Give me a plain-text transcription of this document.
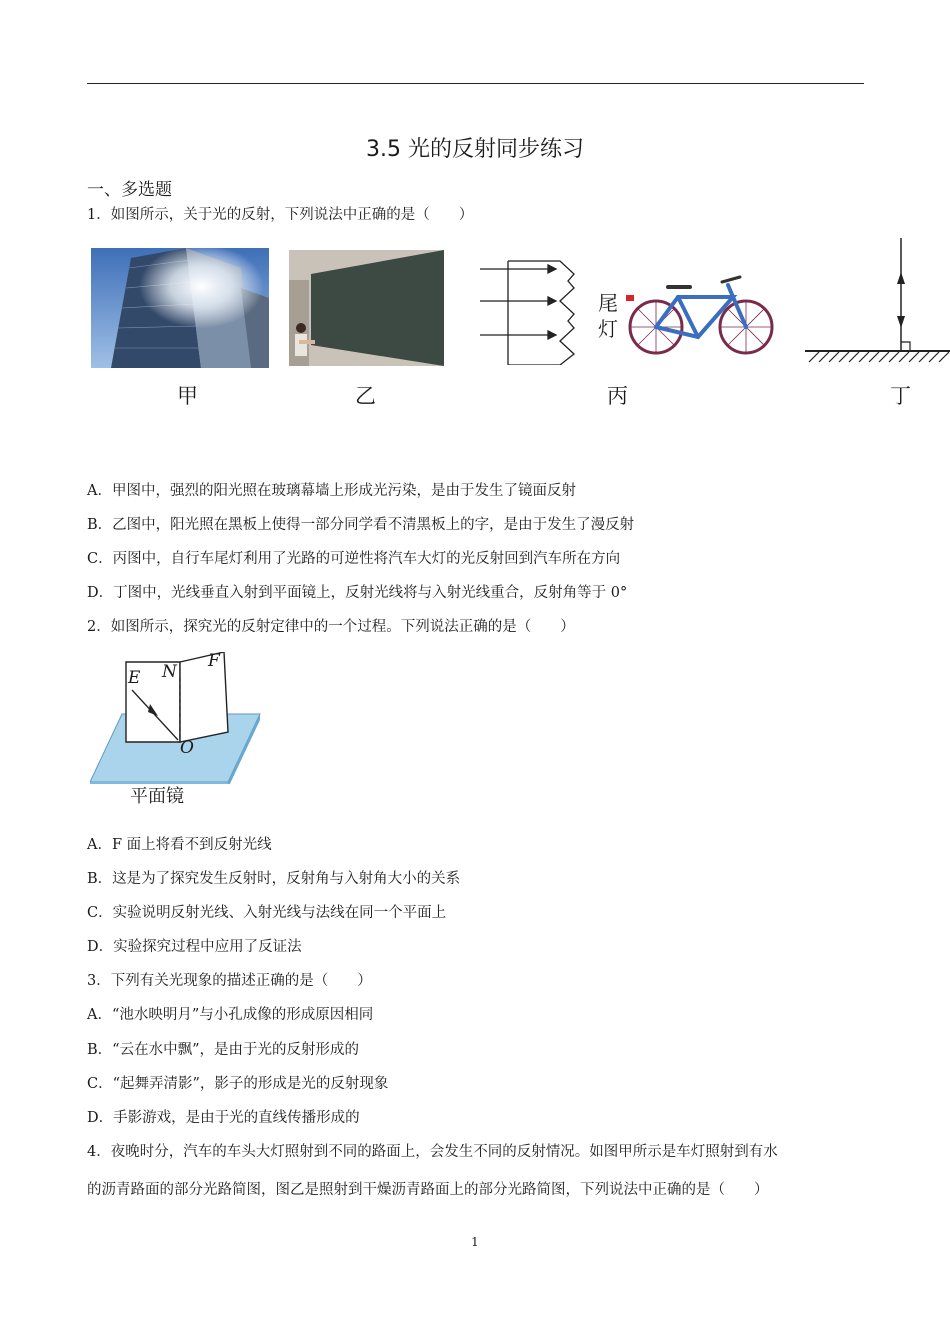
3.5 光的反射同步练习
一、多选题
1．如图所示，关于光的反射，下列说法中正确的是（　　）
甲	乙
尾
灯
丙	丁
A．甲图中，强烈的阳光照在玻璃幕墙上形成光污染，是由于发生了镜面反射
B．乙图中，阳光照在黑板上使得一部分同学看不清黑板上的字，是由于发生了漫反射
C．丙图中，自行车尾灯利用了光路的可逆性将汽车大灯的光反射回到汽车所在方向
D．丁图中，光线垂直入射到平面镜上，反射光线将与入射光线重合，反射角等于 0°
2．如图所示，探究光的反射定律中的一个过程。下列说法正确的是（　　）
E N
F
O
平面镜
A．F 面上将看不到反射光线
B．这是为了探究发生反射时，反射角与入射角大小的关系
C．实验说明反射光线、入射光线与法线在同一个平面上
D．实验探究过程中应用了反证法
3．下列有关光现象的描述正确的是（　　）
A．“池水映明月”与小孔成像的形成原因相同
B．“云在水中飘”，是由于光的反射形成的
C．“起舞弄清影”，影子的形成是光的反射现象
D．手影游戏，是由于光的直线传播形成的
4．夜晚时分，汽车的车头大灯照射到不同的路面上，会发生不同的反射情况。如图甲所示是车灯照射到有水
的沥青路面的部分光路简图，图乙是照射到干燥沥青路面上的部分光路简图，下列说法中正确的是（　　）
1
